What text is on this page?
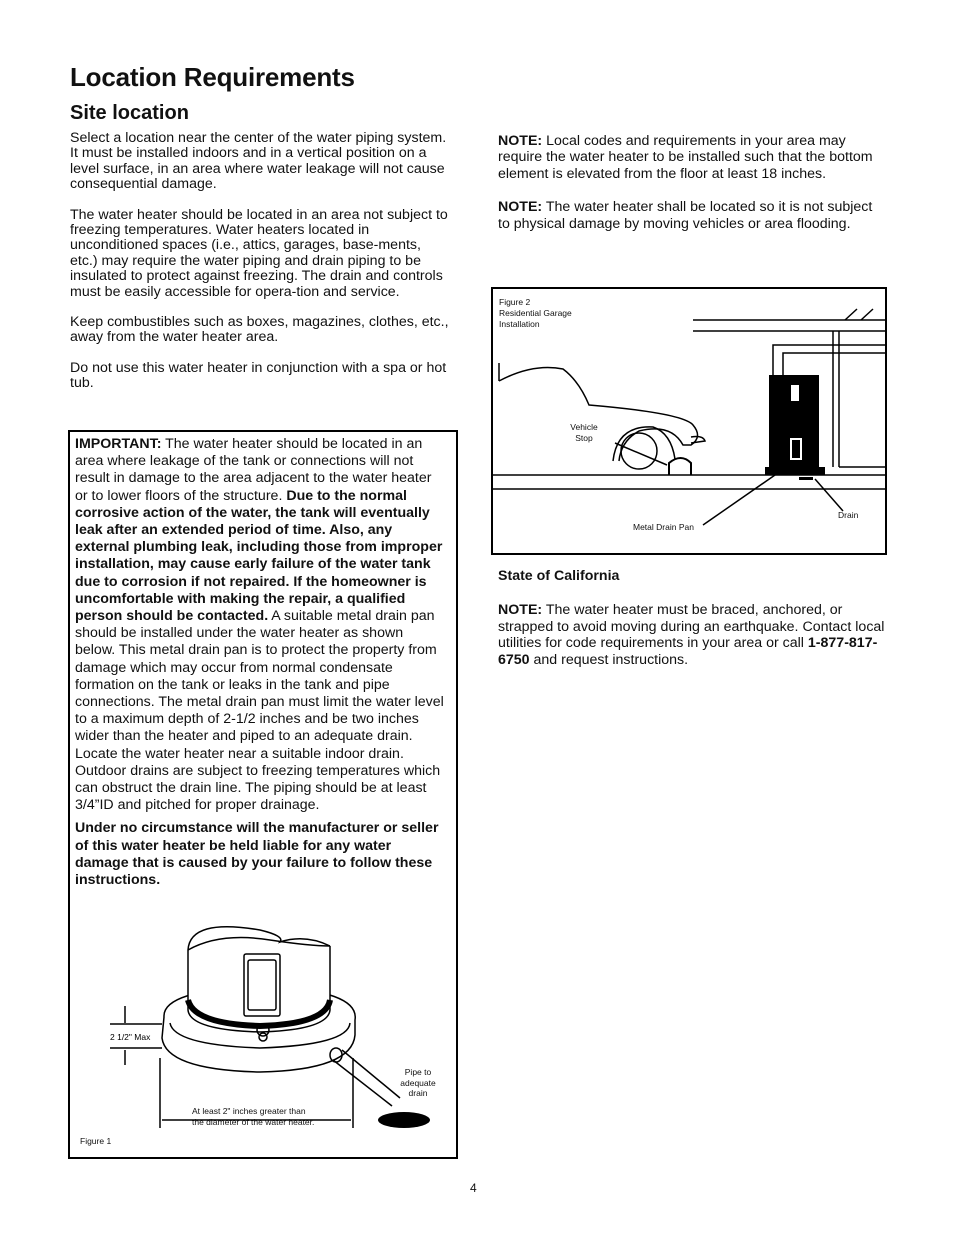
Location Requirements
Site location

Select a location near the center of the water piping system. It must be installed indoors and in a vertical position on a level surface, in an area where water leakage will not cause consequential damage.

The water heater should be located in an area not subject to freezing temperatures. Water heaters located in unconditioned spaces (i.e., attics, garages, base-ments, etc.) may require the water piping and drain piping to be insulated to protect against freezing. The drain and controls must be easily accessible for opera-tion and service.

Keep combustibles such as boxes, magazines, clothes, etc., away from the water heater area.

Do not use this water heater in conjunction with a spa or hot tub.

IMPORTANT: The water heater should be located in an area where leakage of the tank or connections will not result in damage to the area adjacent to the water heater or to lower floors of the structure. Due to the normal corrosive action of the water, the tank will eventually leak after an extended period of time. Also, any external plumbing leak, including those from improper installation, may cause early failure of the water tank due to corrosion if not repaired. If the homeowner is uncomfortable with making the repair, a qualified person should be contacted. A suitable metal drain pan should be installed under the water heater as shown below. This metal drain pan is to protect the property from damage which may occur from normal condensate formation on the tank or leaks in the tank and pipe connections. The metal drain pan must limit the water level to a maximum depth of 2-1/2 inches and be two inches wider than the heater and piped to an adequate drain. Locate the water heater near a suitable indoor drain. Outdoor drains are subject to freezing temperatures which can obstruct the drain line. The piping should be at least 3/4”ID and pitched for proper drainage.

Under no circumstance will the manufacturer or seller of this water heater be held liable for any water damage that is caused by your failure to follow these instructions.

2 1/2" Max
Pipe to adequate drain
At least 2" inches greater than the diameter of the water heater.
Figure 1

NOTE: Local codes and requirements in your area may require the water heater to be installed such that the bottom element is elevated from the floor at least 18 inches.

NOTE: The water heater shall be located so it is not subject to physical damage by moving vehicles or area flooding.

Figure 2
Residential Garage Installation
Vehicle Stop
Metal Drain Pan
Drain

State of California

NOTE: The water heater must be braced, anchored, or strapped to avoid moving during an earthquake. Contact local utilities for code requirements in your area or call 1-877-817-6750 and request instructions.

4
